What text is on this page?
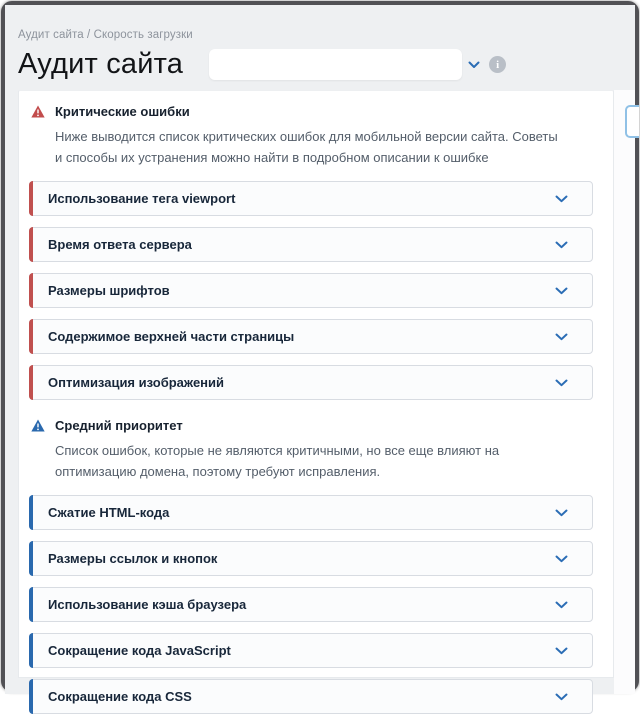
Аудит сайта / Скорость загрузки
Аудит сайта	i
Критические ошибки

Ниже выводится список критических ошибок для мобильной версии сайта. Советы и способы их устранения можно найти в подробном описании к ошибке

Использование тега viewport
Время ответа сервера
Размеры шрифтов
Содержимое верхней части страницы
Оптимизация изображений
Средний приоритет

Список ошибок, которые не являются критичными, но все еще влияют на оптимизацию домена, поэтому требуют исправления.

Сжатие HTML-кода
Размеры ссылок и кнопок
Использование кэша браузера
Сокращение кода JavaScript
Сокращение кода CSS
